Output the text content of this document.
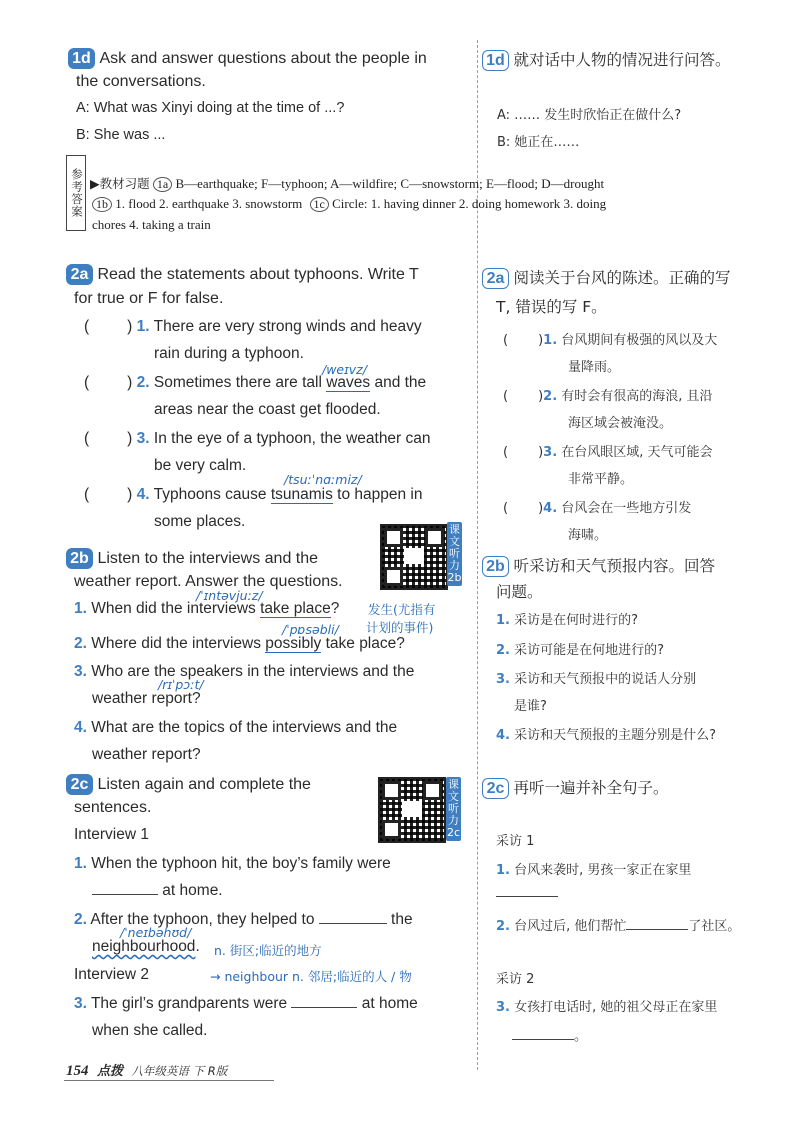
1d Ask and answer questions about the people in
the conversations.
A: What was Xinyi doing at the time of ...?
B: She was ...
1d 就对话中人物的情况进行问答。
A: …… 发生时欣怡正在做什么?
B: 她正在……
参考答案 ▶教材习题 1a B—earthquake; F—typhoon; A—wildfire; C—snowstorm; E—flood; D—drought
1b 1. flood 2. earthquake 3. snowstorm 1c Circle: 1. having dinner 2. doing homework 3. doing
chores 4. taking a train
2a Read the statements about typhoons. Write T
for true or F for false.
( ) 1. There are very strong winds and heavy
rain during a typhoon.
/weɪvz/
( ) 2. Sometimes there are tall waves and the
areas near the coast get flooded.
( ) 3. In the eye of a typhoon, the weather can
be very calm.
/tsuːˈnɑːmiz/
( ) 4. Typhoons cause tsunamis to happen in
some places.
2a 阅读关于台风的陈述。正确的写
T, 错误的写 F。
( )1. 台风期间有极强的风以及大
量降雨。
( )2. 有时会有很高的海浪, 且沿
海区域会被淹没。
( )3. 在台风眼区域, 天气可能会
非常平静。
( )4. 台风会在一些地方引发
海啸。
2b Listen to the interviews and the
weather report. Answer the questions.
课文听力2b
/ˈɪntəvjuːz/
1. When did the interviews take place? 发生(尤指有
计划的事件)
/ˈpɒsəbli/
2. Where did the interviews possibly take place?
3. Who are the speakers in the interviews and the
/rɪˈpɔːt/
weather report?
4. What are the topics of the interviews and the
weather report?
2b 听采访和天气预报内容。回答
问题。
1. 采访是在何时进行的?
2. 采访可能是在何地进行的?
3. 采访和天气预报中的说话人分别
是谁?
4. 采访和天气预报的主题分别是什么?
2c Listen again and complete the
sentences.
课文听力2c
Interview 1
1. When the typhoon hit, the boy’s family were
at home.
2. After the typhoon, they helped to	the
/ˈneɪbəhʊd/
neighbourhood. n. 街区;临近的地方
Interview 2	→ neighbour n. 邻居;临近的人 / 物
3. The girl’s grandparents were	at home
when she called.
2c 再听一遍并补全句子。
采访 1
1. 台风来袭时, 男孩一家正在家里
2. 台风过后, 他们帮忙	了社区。
采访 2
3. 女孩打电话时, 她的祖父母正在家里
。
154 点拨 八年级英语 下 R版
